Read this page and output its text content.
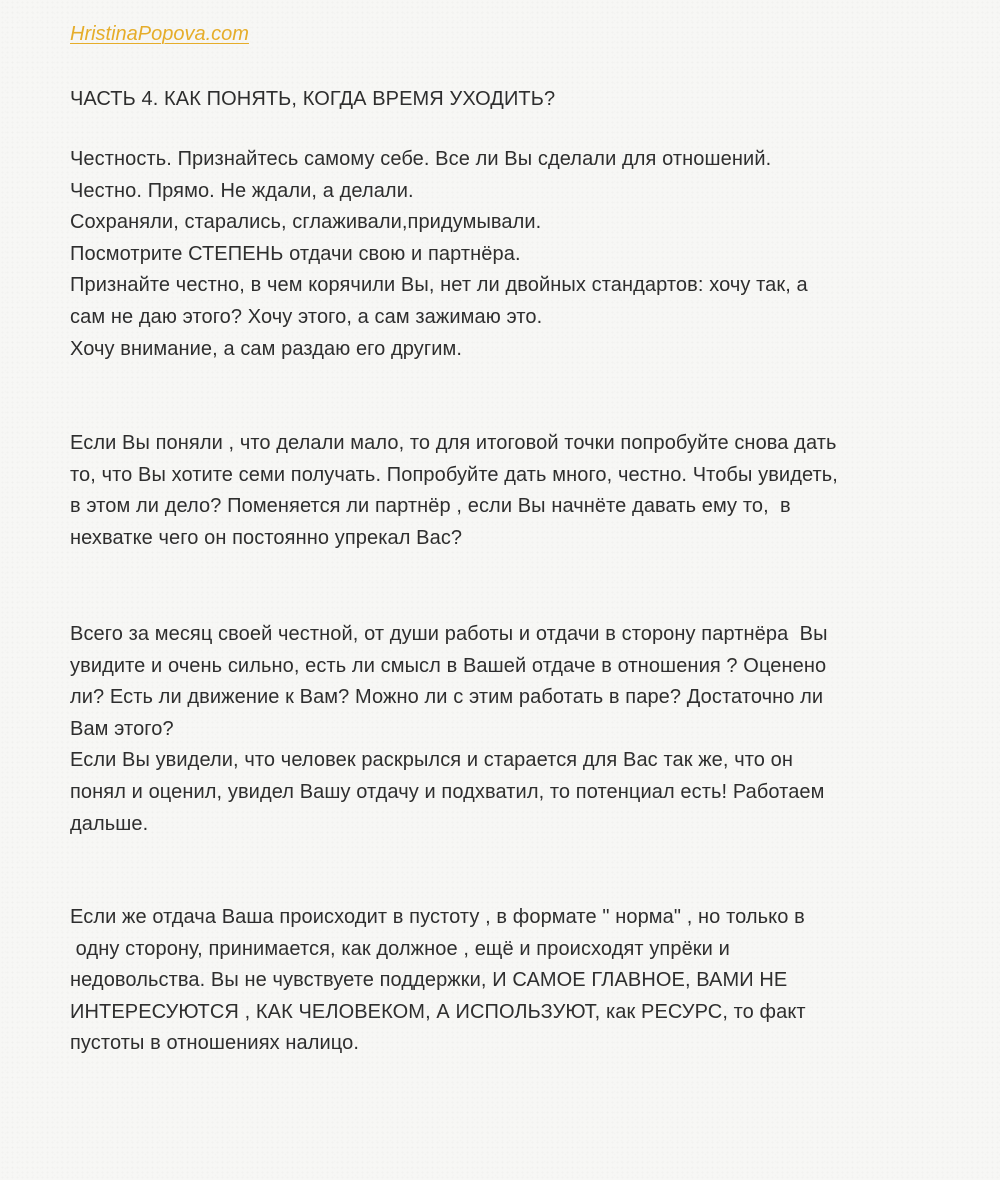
HristinaPopova.com
ЧАСТЬ 4. КАК ПОНЯТЬ, КОГДА ВРЕМЯ УХОДИТЬ?
Честность. Признайтесь самому себе. Все ли Вы сделали для отношений.
Честно. Прямо. Не ждали, а делали.
Сохраняли, старались, сглаживали,придумывали.
Посмотрите СТЕПЕНЬ отдачи свою и партнёра.
Признайте честно, в чем корячили Вы, нет ли двойных стандартов: хочу так, а
сам не даю этого? Хочу этого, а сам зажимаю это.
Хочу внимание, а сам раздаю его другим.
Если Вы поняли , что делали мало, то для итоговой точки попробуйте снова дать
то, что Вы хотите семи получать. Попробуйте дать много, честно. Чтобы увидеть,
в этом ли дело? Поменяется ли партнёр , если Вы начнёте давать ему то,  в
нехватке чего он постоянно упрекал Вас?
Всего за месяц своей честной, от души работы и отдачи в сторону партнёра  Вы
увидите и очень сильно, есть ли смысл в Вашей отдаче в отношения ? Оценено
ли? Есть ли движение к Вам? Можно ли с этим работать в паре? Достаточно ли
Вам этого?
Если Вы увидели, что человек раскрылся и старается для Вас так же, что он
понял и оценил, увидел Вашу отдачу и подхватил, то потенциал есть! Работаем
дальше.
Если же отдача Ваша происходит в пустоту , в формате " норма" , но только в
одну сторону, принимается, как должное , ещё и происходят упрёки и
недовольства. Вы не чувствуете поддержки, И САМОЕ ГЛАВНОЕ, ВАМИ НЕ
ИНТЕРЕСУЮТСЯ , КАК ЧЕЛОВЕКОМ, А ИСПОЛЬЗУЮТ, как РЕСУРС, то факт
пустоты в отношениях налицо.
